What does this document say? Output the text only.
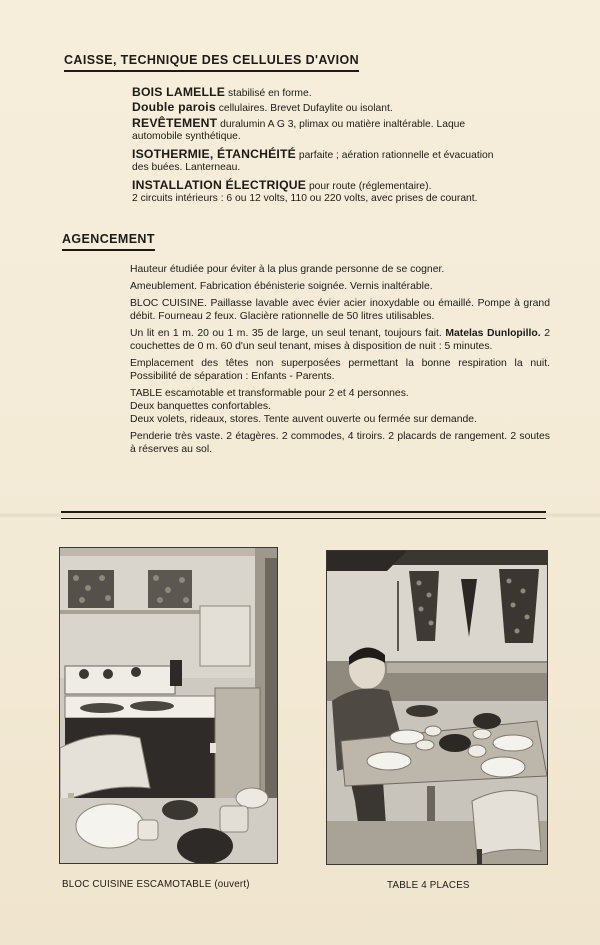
CAISSE, TECHNIQUE DES CELLULES D'AVION
BOIS LAMELLE stabilisé en forme.
Double parois cellulaires. Brevet Dufaylite ou isolant.
REVÊTEMENT duralumin A G 3, plimax ou matière inaltérable. Laque
automobile synthétique.
ISOTHERMIE, ÉTANCHÉITÉ parfaite ; aération rationnelle et évacuation
des buées. Lanterneau.
INSTALLATION ÉLECTRIQUE pour route (réglementaire).
2 circuits intérieurs : 6 ou 12 volts, 110 ou 220 volts, avec prises de courant.
AGENCEMENT
Hauteur étudiée pour éviter à la plus grande personne de se cogner.
Ameublement. Fabrication ébénisterie soignée. Vernis inaltérable.
BLOC CUISINE. Paillasse lavable avec évier acier inoxydable ou émaillé. Pompe à grand débit. Fourneau 2 feux. Glacière rationnelle de 50 litres utilisables.
Un lit en 1 m. 20 ou 1 m. 35 de large, un seul tenant, toujours fait. Matelas Dunlopillo. 2 couchettes de 0 m. 60 d'un seul tenant, mises à disposition de nuit : 5 minutes.
Emplacement des têtes non superposées permettant la bonne respiration la nuit. Possibilité de séparation : Enfants - Parents.
TABLE escamotable et transformable pour 2 et 4 personnes.
Deux banquettes confortables.
Deux volets, rideaux, stores. Tente auvent ouverte ou fermée sur demande.
Penderie très vaste. 2 étagères. 2 commodes, 4 tiroirs. 2 placards de rangement. 2 soutes à réserves au sol.
BLOC CUISINE ESCAMOTABLE (ouvert)	TABLE 4 PLACES
